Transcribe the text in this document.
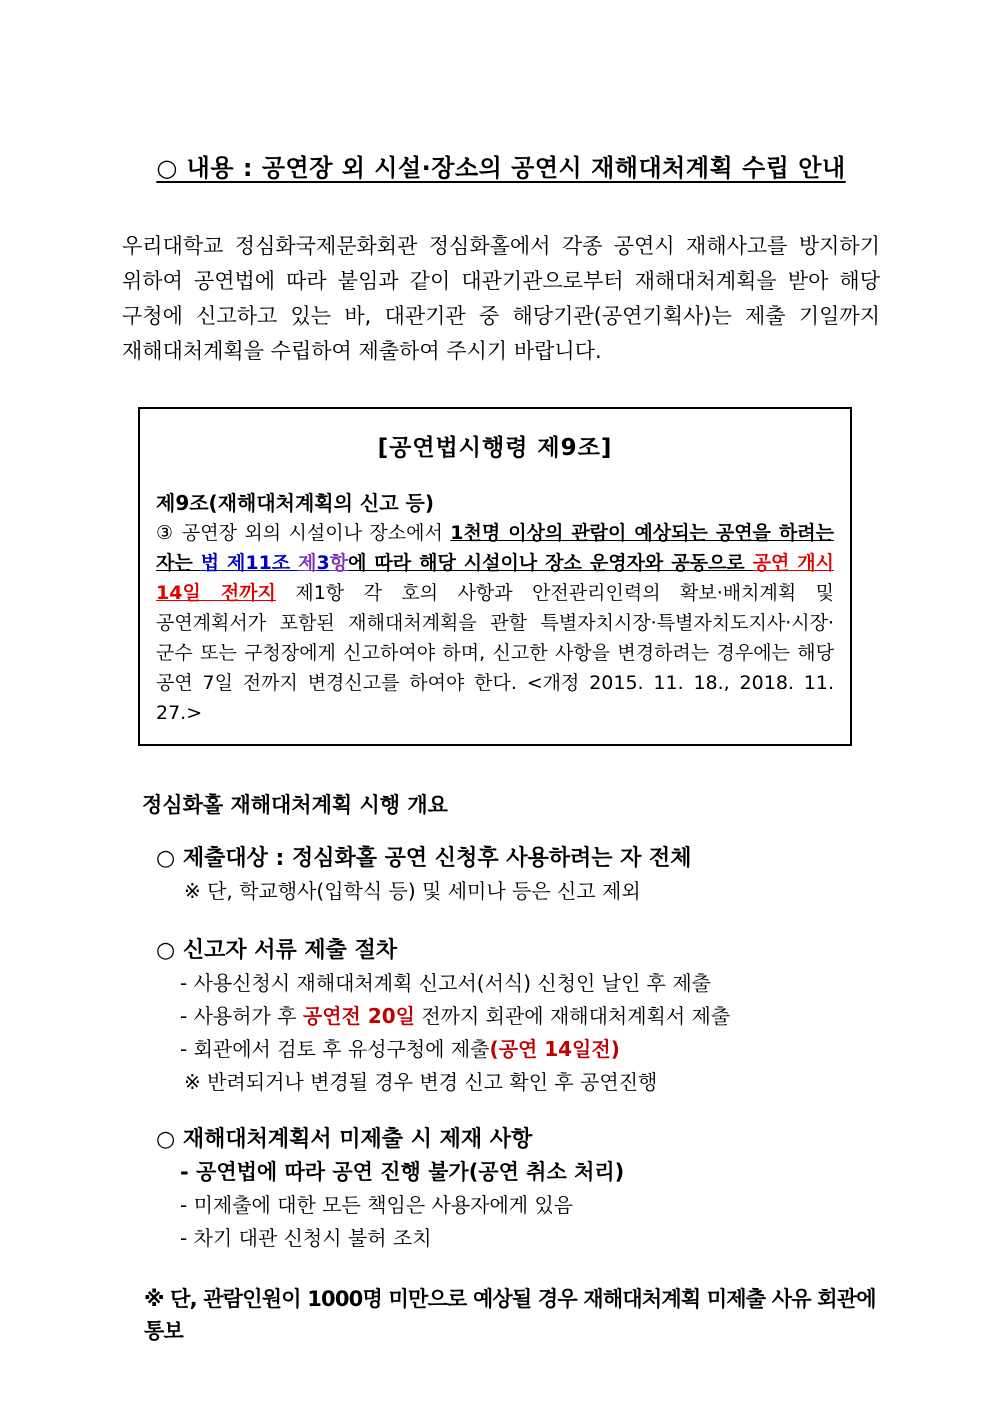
○ 내용 : 공연장 외 시설·장소의 공연시 재해대처계획 수립 안내
우리대학교 정심화국제문화회관 정심화홀에서 각종 공연시 재해사고를 방지하기 위하여 공연법에 따라 붙임과 같이 대관기관으로부터 재해대처계획을 받아 해당 구청에 신고하고 있는 바, 대관기관 중 해당기관(공연기획사)는 제출 기일까지 재해대처계획을 수립하여 제출하여 주시기 바랍니다.
[공연법시행령 제9조]
제9조(재해대처계획의 신고 등)
③ 공연장 외의 시설이나 장소에서 1천명 이상의 관람이 예상되는 공연을 하려는 자는 법 제11조 제3항에 따라 해당 시설이나 장소 운영자와 공동으로 공연 개시 14일 전까지 제1항 각 호의 사항과 안전관리인력의 확보·배치계획 및 공연계획서가 포함된 재해대처계획을 관할 특별자치시장·특별자치도지사·시장·군수 또는 구청장에게 신고하여야 하며, 신고한 사항을 변경하려는 경우에는 해당 공연 7일 전까지 변경신고를 하여야 한다. <개정 2015. 11. 18., 2018. 11. 27.>
정심화홀 재해대처계획 시행 개요
○ 제출대상 : 정심화홀 공연 신청후 사용하려는 자 전체
※ 단, 학교행사(입학식 등) 및 세미나 등은 신고 제외
○ 신고자 서류 제출 절차
- 사용신청시 재해대처계획 신고서(서식) 신청인 날인 후 제출
- 사용허가 후 공연전 20일 전까지 회관에 재해대처계획서 제출
- 회관에서 검토 후 유성구청에 제출(공연 14일전)
※ 반려되거나 변경될 경우 변경 신고 확인 후 공연진행
○ 재해대처계획서 미제출 시 제재 사항
- 공연법에 따라 공연 진행 불가(공연 취소 처리)
- 미제출에 대한 모든 책임은 사용자에게 있음
- 차기 대관 신청시 불허 조치
※ 단, 관람인원이 1000명 미만으로 예상될 경우 재해대처계획 미제출 사유 회관에 통보
